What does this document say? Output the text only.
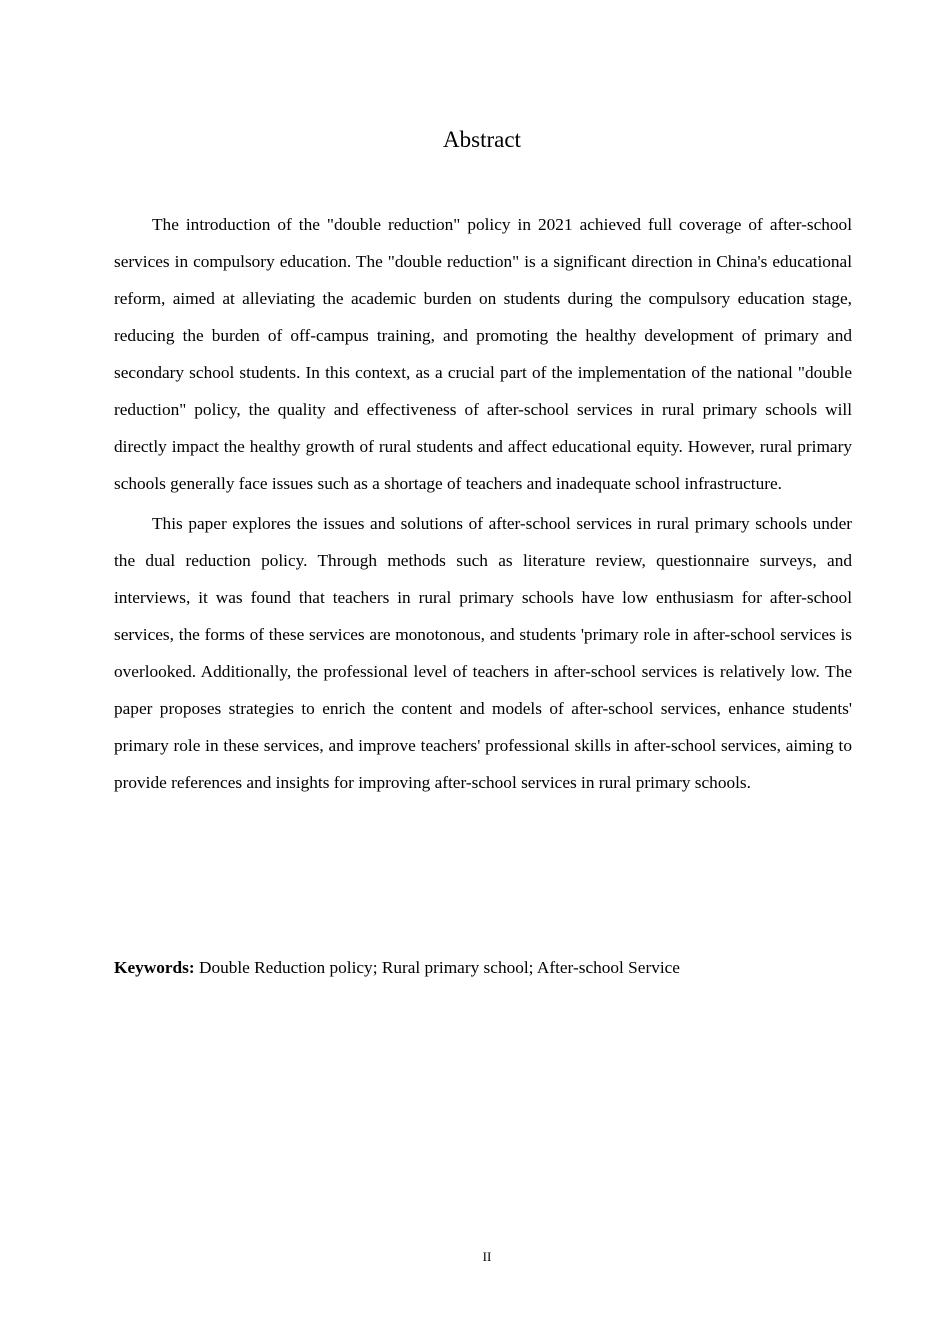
Abstract

The introduction of the "double reduction" policy in 2021 achieved full coverage of after-school services in compulsory education. The "double reduction" is a significant direction in China's educational reform, aimed at alleviating the academic burden on students during the compulsory education stage, reducing the burden of off-campus training, and promoting the healthy development of primary and secondary school students. In this context, as a crucial part of the implementation of the national "double reduction" policy, the quality and effectiveness of after-school services in rural primary schools will directly impact the healthy growth of rural students and affect educational equity. However, rural primary schools generally face issues such as a shortage of teachers and inadequate school infrastructure.

This paper explores the issues and solutions of after-school services in rural primary schools under the dual reduction policy. Through methods such as literature review, questionnaire surveys, and interviews, it was found that teachers in rural primary schools have low enthusiasm for after-school services, the forms of these services are monotonous, and students 'primary role in after-school services is overlooked. Additionally, the professional level of teachers in after-school services is relatively low. The paper proposes strategies to enrich the content and models of after-school services, enhance students' primary role in these services, and improve teachers' professional skills in after-school services, aiming to provide references and insights for improving after-school services in rural primary schools.

Keywords: Double Reduction policy; Rural primary school; After-school Service

II
